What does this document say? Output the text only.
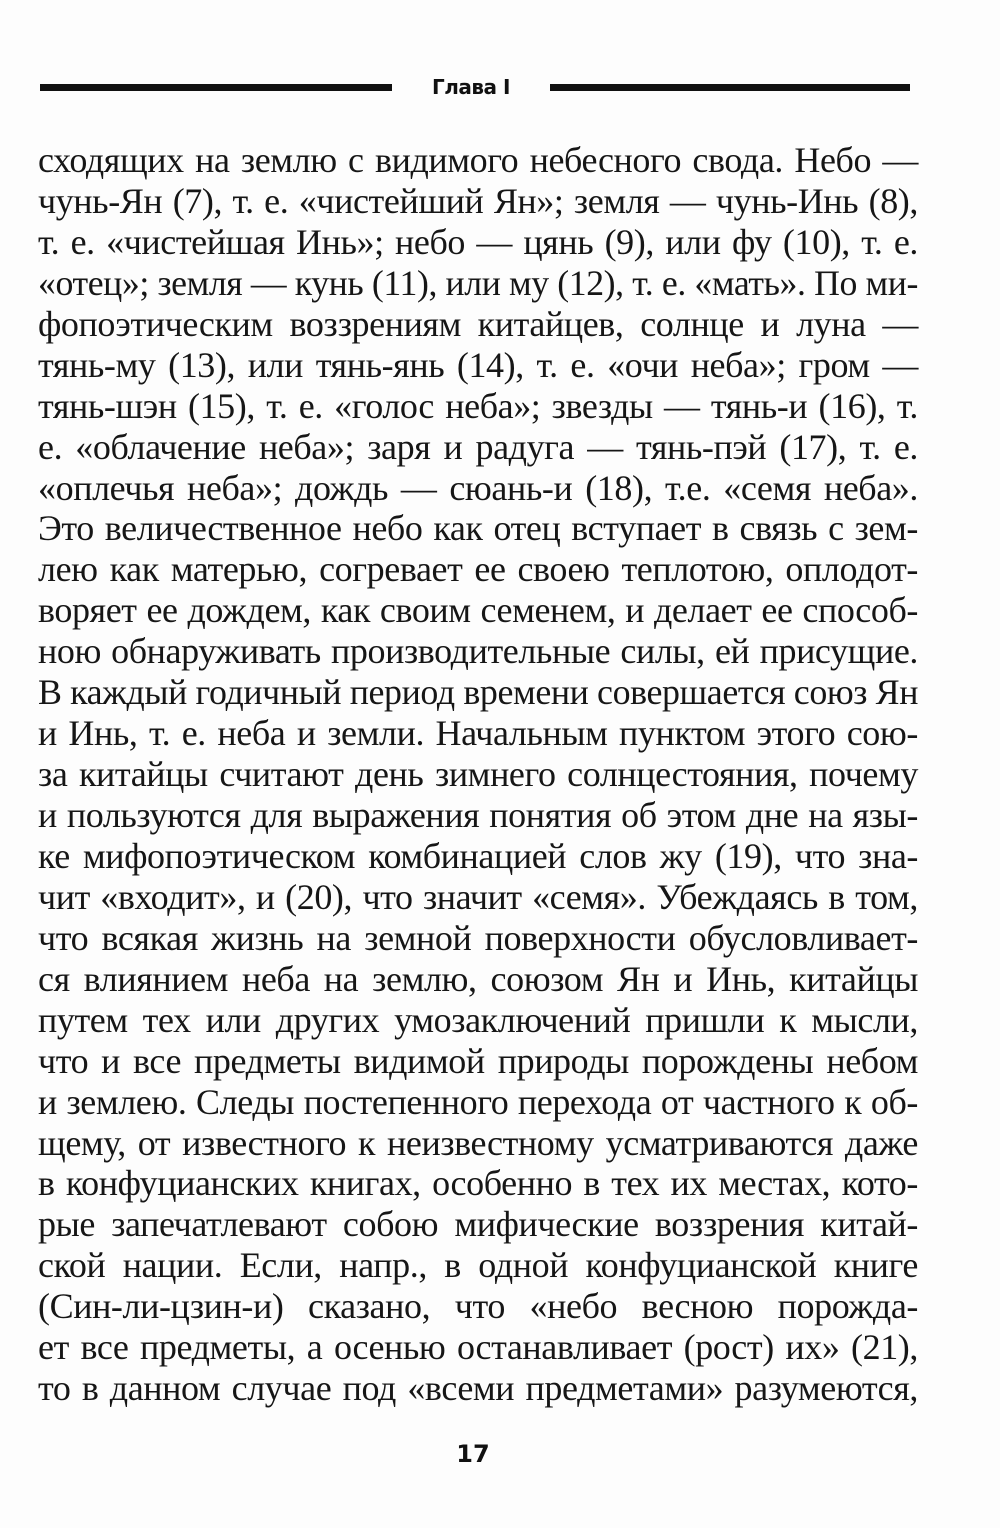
Глава I
сходящих на землю с видимого небесного свода. Небо —
чунь-Ян (7), т. е. «чистейший Ян»; земля — чунь-Инь (8),
т. е. «чистейшая Инь»; небо — цянь (9), или фу (10), т. е.
«отец»; земля — кунь (11), или му (12), т. е. «мать». По ми-
фопоэтическим воззрениям китайцев, солнце и луна —
тянь-му (13), или тянь-янь (14), т. е. «очи неба»; гром —
тянь-шэн (15), т. е. «голос неба»; звезды — тянь-и (16), т.
е. «облачение неба»; заря и радуга — тянь-пэй (17), т. е.
«оплечья неба»; дождь — сюань-и (18), т.е. «семя неба».
Это величественное небо как отец вступает в связь с зем-
лею как матерью, согревает ее своею теплотою, оплодот-
воряет ее дождем, как своим семенем, и делает ее способ-
ною обнаруживать производительные силы, ей присущие.
В каждый годичный период времени совершается союз Ян
и Инь, т. е. неба и земли. Начальным пунктом этого сою-
за китайцы считают день зимнего солнцестояния, почему
и пользуются для выражения понятия об этом дне на язы-
ке мифопоэтическом комбинацией слов жу (19), что зна-
чит «входит», и (20), что значит «семя». Убеждаясь в том,
что всякая жизнь на земной поверхности обусловливает-
ся влиянием неба на землю, союзом Ян и Инь, китайцы
путем тех или других умозаключений пришли к мысли,
что и все предметы видимой природы порождены небом
и землею. Следы постепенного перехода от частного к об-
щему, от известного к неизвестному усматриваются даже
в конфуцианских книгах, особенно в тех их местах, кото-
рые запечатлевают собою мифические воззрения китай-
ской нации. Если, напр., в одной конфуцианской книге
(Син-ли-цзин-и) сказано, что «небо весною порожда-
ет все предметы, а осенью останавливает (рост) их» (21),
то в данном случае под «всеми предметами» разумеются,
17
